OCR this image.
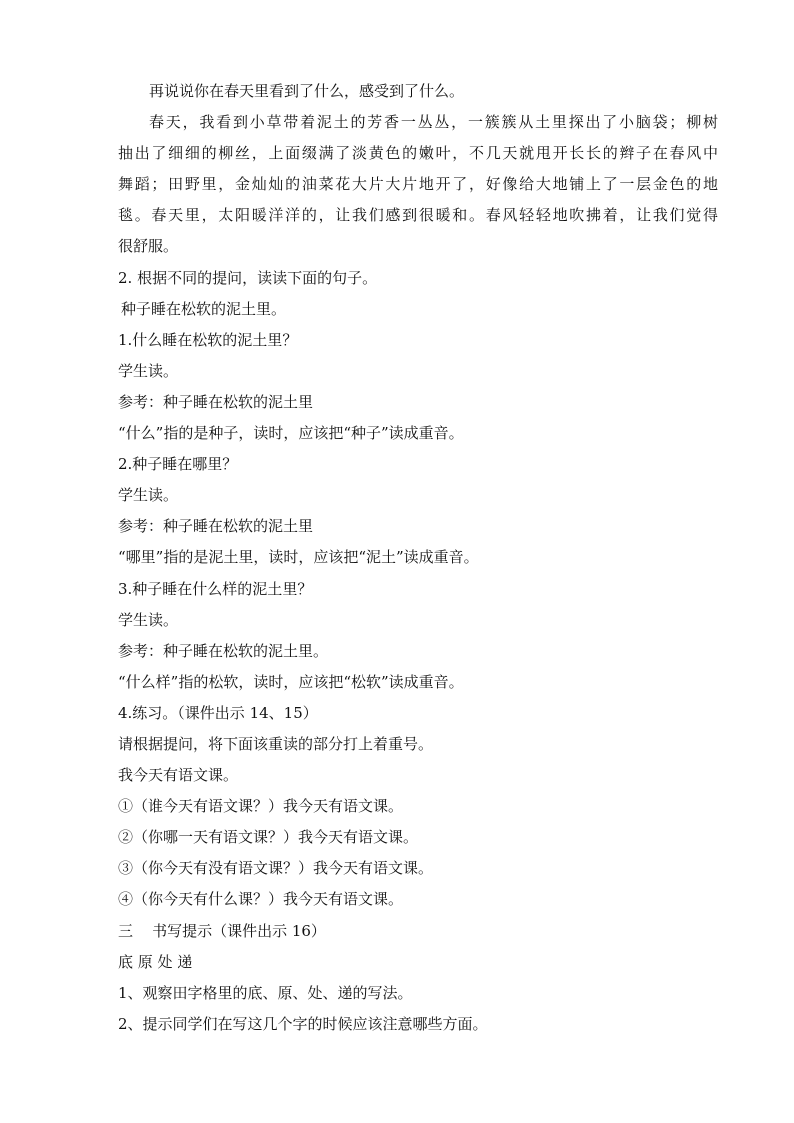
再说说你在春天里看到了什么，感受到了什么。
春天，我看到小草带着泥土的芳香一丛丛，一簇簇从土里探出了小脑袋；柳树
抽出了细细的柳丝，上面缀满了淡黄色的嫩叶，不几天就甩开长长的辫子在春风中
舞蹈；田野里，金灿灿的油菜花大片大片地开了，好像给大地铺上了一层金色的地
毯。春天里，太阳暖洋洋的，让我们感到很暖和。春风轻轻地吹拂着，让我们觉得
很舒服。
2. 根据不同的提问，读读下面的句子。
种子睡在松软的泥土里。
1.什么睡在松软的泥土里？
学生读。
参考：种子睡在松软的泥土里
“什么”指的是种子，读时，应该把“种子”读成重音。
2.种子睡在哪里？
学生读。
参考：种子睡在松软的泥土里
“哪里”指的是泥土里，读时，应该把“泥土”读成重音。
3.种子睡在什么样的泥土里？
学生读。
参考：种子睡在松软的泥土里。
“什么样”指的松软，读时，应该把“松软”读成重音。
4.练习。（课件出示 14、15）
请根据提问，将下面该重读的部分打上着重号。
我今天有语文课。
①（谁今天有语文课？）我今天有语文课。
②（你哪一天有语文课？）我今天有语文课。
③（你今天有没有语文课？）我今天有语文课。
④（你今天有什么课？）我今天有语文课。
三    书写提示（课件出示 16）
底 原 处 递
1、观察田字格里的底、原、处、递的写法。
2、提示同学们在写这几个字的时候应该注意哪些方面。
